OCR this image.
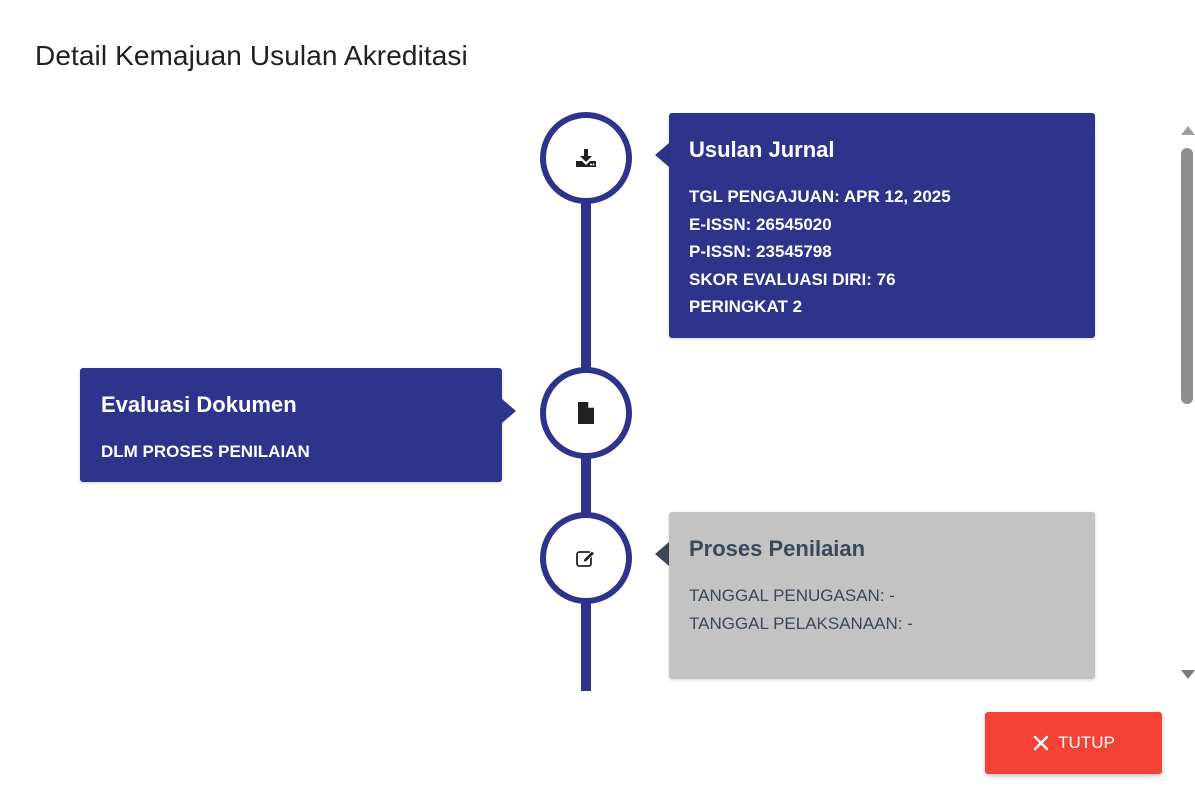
Detail Kemajuan Usulan Akreditasi
Usulan Jurnal
TGL PENGAJUAN: APR 12, 2025
E-ISSN: 26545020
P-ISSN: 23545798
SKOR EVALUASI DIRI: 76
PERINGKAT 2
Evaluasi Dokumen
DLM PROSES PENILAIAN
Proses Penilaian
TANGGAL PENUGASAN: -
TANGGAL PELAKSANAAN: -
TUTUP
